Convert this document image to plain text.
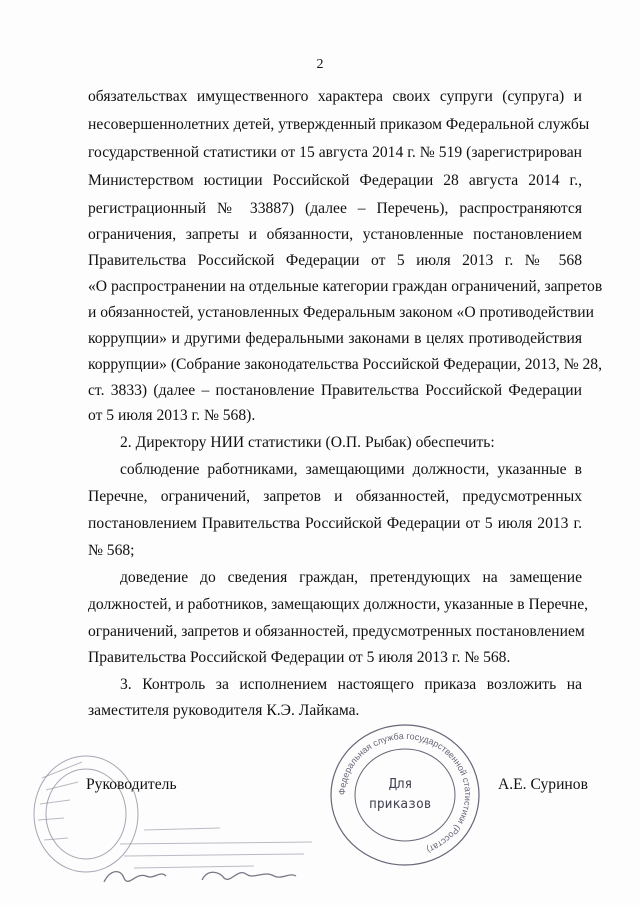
2
обязательствах имущественного характера своих супруги (супруга) и
несовершеннолетних детей, утвержденный приказом Федеральной службы
государственной статистики от 15 августа 2014 г. № 519 (зарегистрирован
Министерством юстиции Российской Федерации 28 августа 2014 г.,
регистрационный № 33887) (далее – Перечень), распространяются
ограничения, запреты и обязанности, установленные постановлением
Правительства Российской Федерации от 5 июля 2013 г. № 568
«О распространении на отдельные категории граждан ограничений, запретов
и обязанностей, установленных Федеральным законом «О противодействии
коррупции» и другими федеральными законами в целях противодействия
коррупции» (Собрание законодательства Российской Федерации, 2013, № 28,
ст. 3833) (далее – постановление Правительства Российской Федерации
от 5 июля 2013 г. № 568).
2. Директору НИИ статистики (О.П. Рыбак) обеспечить:
соблюдение работниками, замещающими должности, указанные в
Перечне, ограничений, запретов и обязанностей, предусмотренных
постановлением Правительства Российской Федерации от 5 июля 2013 г.
№ 568;
доведение до сведения граждан, претендующих на замещение
должностей, и работников, замещающих должности, указанные в Перечне,
ограничений, запретов и обязанностей, предусмотренных постановлением
Правительства Российской Федерации от 5 июля 2013 г. № 568.
3. Контроль за исполнением настоящего приказа возложить на
заместителя руководителя К.Э. Лайкама.
Руководитель	А.Е. Суринов
Федеральная служба государственной статистики (Росстат)
Для
приказов
